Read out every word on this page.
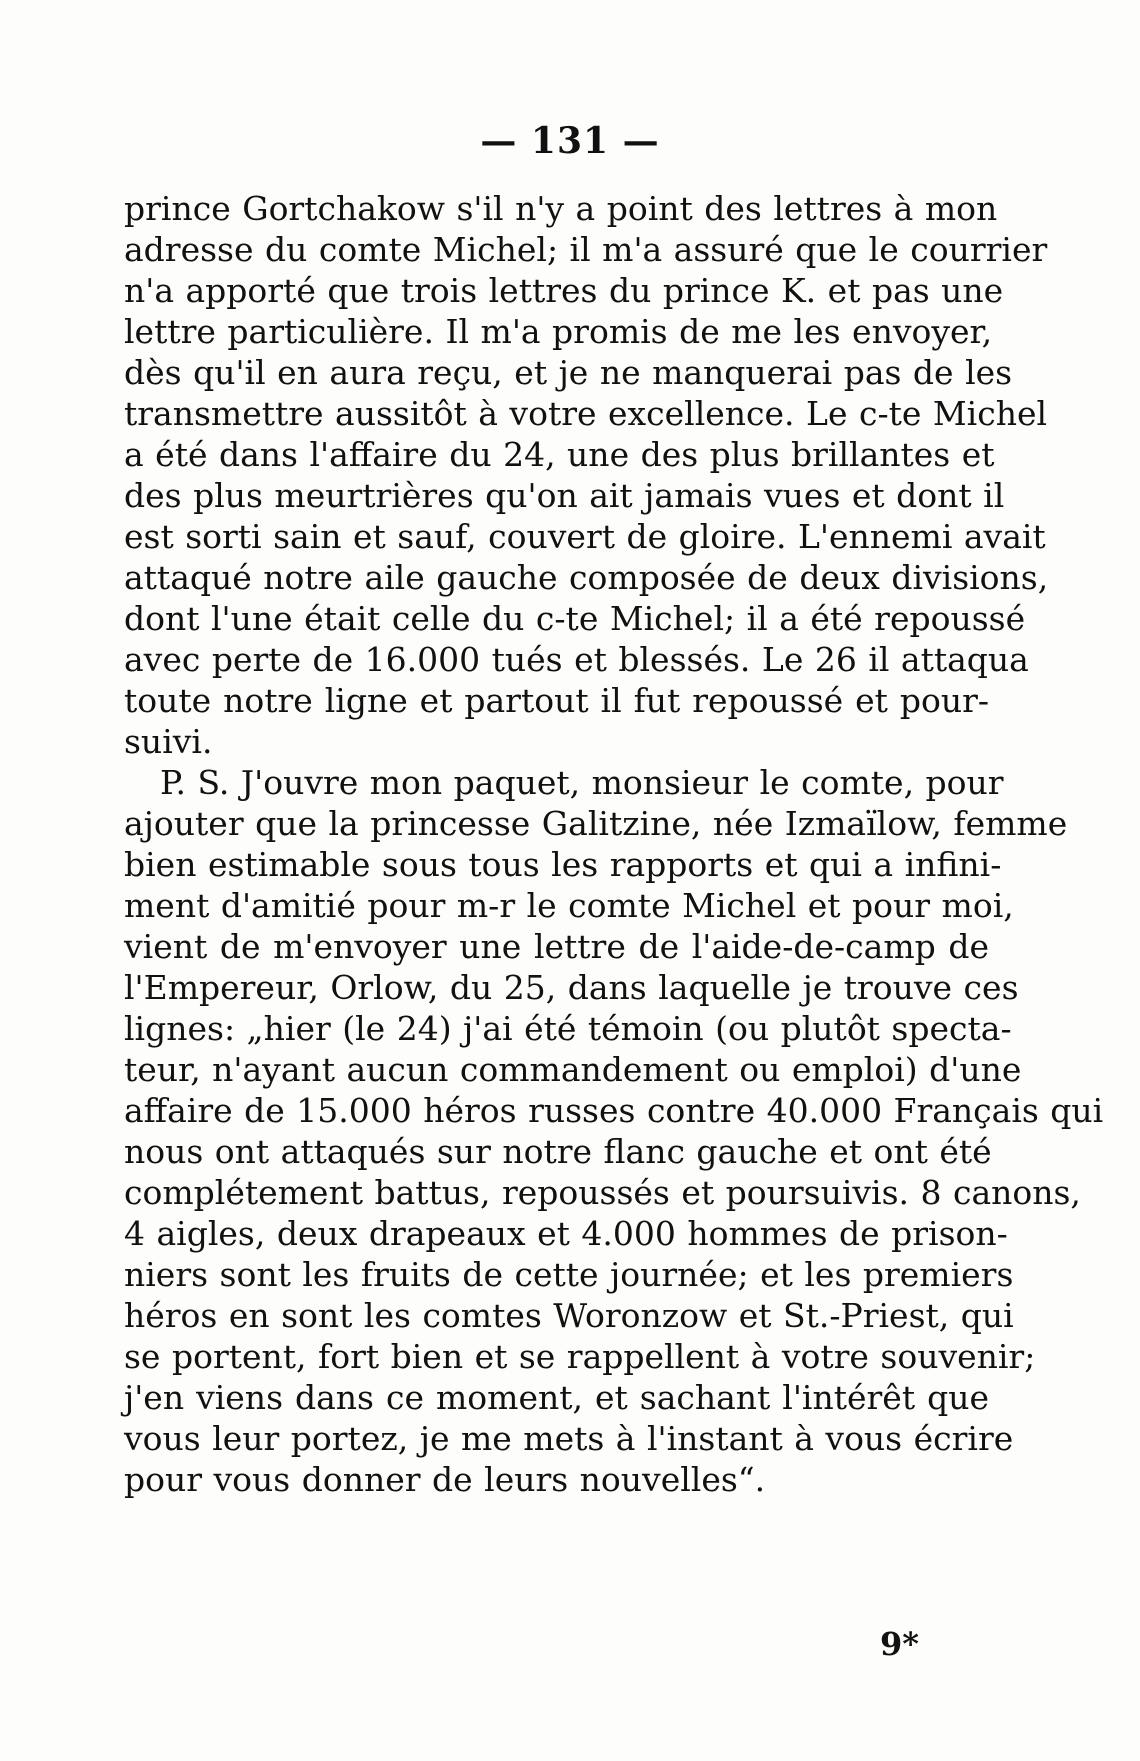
— 131 —
prince Gortchakow s'il n'y a point des lettres à mon
adresse du comte Michel; il m'a assuré que le courrier
n'a apporté que trois lettres du prince K. et pas une
lettre particulière. Il m'a promis de me les envoyer,
dès qu'il en aura reçu, et je ne manquerai pas de les
transmettre aussitôt à votre excellence. Le c-te Michel
a été dans l'affaire du 24, une des plus brillantes et
des plus meurtrières qu'on ait jamais vues et dont il
est sorti sain et sauf, couvert de gloire. L'ennemi avait
attaqué notre aile gauche composée de deux divisions,
dont l'une était celle du c-te Michel; il a été repoussé
avec perte de 16.000 tués et blessés. Le 26 il attaqua
toute notre ligne et partout il fut repoussé et pour-
suivi.
P. S. J'ouvre mon paquet, monsieur le comte, pour
ajouter que la princesse Galitzine, née Izmaïlow, femme
bien estimable sous tous les rapports et qui a infini-
ment d'amitié pour m-r le comte Michel et pour moi,
vient de m'envoyer une lettre de l'aide-de-camp de
l'Empereur, Orlow, du 25, dans laquelle je trouve ces
lignes: „hier (le 24) j'ai été témoin (ou plutôt specta-
teur, n'ayant aucun commandement ou emploi) d'une
affaire de 15.000 héros russes contre 40.000 Français qui
nous ont attaqués sur notre flanc gauche et ont été
complétement battus, repoussés et poursuivis. 8 canons,
4 aigles, deux drapeaux et 4.000 hommes de prison-
niers sont les fruits de cette journée; et les premiers
héros en sont les comtes Woronzow et St.-Priest, qui
se portent, fort bien et se rappellent à votre souvenir;
j'en viens dans ce moment, et sachant l'intérêt que
vous leur portez, je me mets à l'instant à vous écrire
pour vous donner de leurs nouvelles“.
9*
